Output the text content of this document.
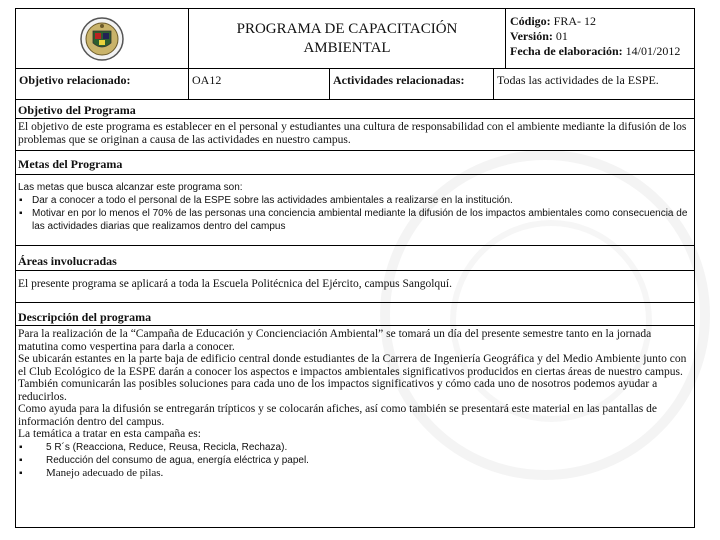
PROGRAMA DE CAPACITACIÓN
AMBIENTAL
Código: FRA- 12
Versión: 01
Fecha de elaboración: 14/01/2012
Objetivo relacionado:	OA12	Actividades relacionadas:	Todas las actividades de la ESPE.
Objetivo del Programa
El objetivo de este programa es establecer en el personal y estudiantes una cultura de responsabilidad con el ambiente mediante la difusión de los problemas que se originan a causa de las actividades en nuestro campus.
Metas del Programa

Las metas que busca alcanzar este programa son:

▪ Dar a conocer a todo el personal de la ESPE sobre las actividades ambientales a realizarse en la institución.
▪ Motivar en por lo menos el 70% de las personas una conciencia ambiental mediante la difusión de los impactos ambientales como consecuencia de las actividades diarias que realizamos dentro del campus
Áreas involucradas
El presente programa se aplicará a toda la Escuela Politécnica del Ejército, campus Sangolquí.
Descripción del programa

Para la realización de la “Campaña de Educación y Concienciación Ambiental” se tomará un día del presente semestre tanto en la jornada matutina como vespertina para darla a conocer.

Se ubicarán estantes en la parte baja de edificio central donde estudiantes de la Carrera de Ingeniería Geográfica y del Medio Ambiente junto con el Club Ecológico de la ESPE darán a conocer los aspectos e impactos ambientales significativos producidos en ciertas áreas de nuestro campus.

También comunicarán las posibles soluciones para cada uno de los impactos significativos y cómo cada uno de nosotros podemos ayudar a reducirlos.

Como ayuda para la difusión se entregarán trípticos y se colocarán afiches, así como también se presentará este material en las pantallas de información dentro del campus.

La temática a tratar en esta campaña es:

▪ 5 R´s (Reacciona, Reduce, Reusa, Recicla, Rechaza).
▪ Reducción del consumo de agua, energía eléctrica y papel.
▪ Manejo adecuado de pilas.
